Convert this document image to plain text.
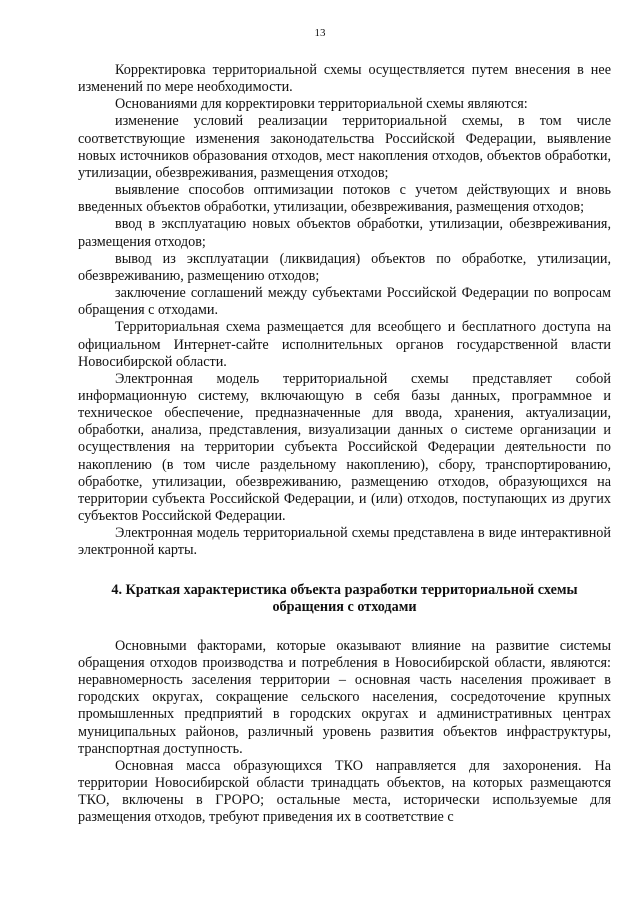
13

Корректировка территориальной схемы осуществляется путем внесения в нее изменений по мере необходимости.

Основаниями для корректировки территориальной схемы являются:

изменение условий реализации территориальной схемы, в том числе соответствующие изменения законодательства Российской Федерации, выявление новых источников образования отходов, мест накопления отходов, объектов обработки, утилизации, обезвреживания, размещения отходов;

выявление способов оптимизации потоков с учетом действующих и вновь введенных объектов обработки, утилизации, обезвреживания, размещения отходов;

ввод в эксплуатацию новых объектов обработки, утилизации, обезвреживания, размещения отходов;

вывод из эксплуатации (ликвидация) объектов по обработке, утилизации, обезвреживанию, размещению отходов;

заключение соглашений между субъектами Российской Федерации по вопросам обращения с отходами.

Территориальная схема размещается для всеобщего и бесплатного доступа на официальном Интернет-сайте исполнительных органов государственной власти Новосибирской области.

Электронная модель территориальной схемы представляет собой информационную систему, включающую в себя базы данных, программное и техническое обеспечение, предназначенные для ввода, хранения, актуализации, обработки, анализа, представления, визуализации данных о системе организации и осуществления на территории субъекта Российской Федерации деятельности по накоплению (в том числе раздельному накоплению), сбору, транспортированию, обработке, утилизации, обезвреживанию, размещению отходов, образующихся на территории субъекта Российской Федерации, и (или) отходов, поступающих из других субъектов Российской Федерации.

Электронная модель территориальной схемы представлена в виде интерактивной электронной карты.

4. Краткая характеристика объекта разработки территориальной схемы
обращения с отходами

Основными факторами, которые оказывают влияние на развитие системы обращения отходов производства и потребления в Новосибирской области, являются: неравномерность заселения территории – основная часть населения проживает в городских округах, сокращение сельского населения, сосредоточение крупных промышленных предприятий в городских округах и административных центрах муниципальных районов, различный уровень развития объектов инфраструктуры, транспортная доступность.

Основная масса образующихся ТКО направляется для захоронения. На территории Новосибирской области тринадцать объектов, на которых размещаются ТКО, включены в ГРОРО; остальные места, исторически используемые для размещения отходов, требуют приведения их в соответствие с
